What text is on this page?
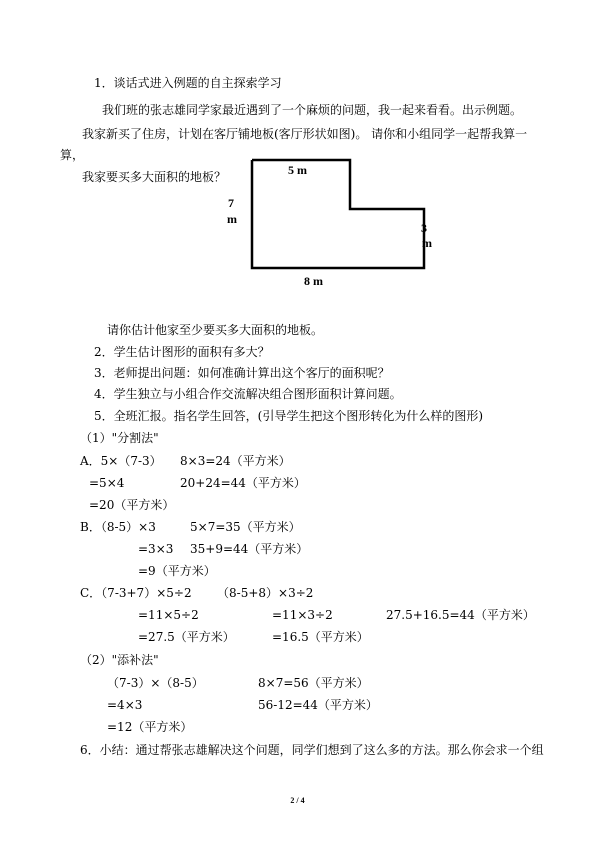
1．谈话式进入例题的自主探索学习
我们班的张志雄同学家最近遇到了一个麻烦的问题，我一起来看看。出示例题。
我家新买了住房，计划在客厅铺地板(客厅形状如图)。 请你和小组同学一起帮我算一
算，
我家要买多大面积的地板？	5 m
7
m
3
m
8 m
请你估计他家至少要买多大面积的地板。
2．学生估计图形的面积有多大？
3．老师提出问题：如何准确计算出这个客厅的面积呢？
4．学生独立与小组合作交流解决组合图形面积计算问题。
5．全班汇报。指名学生回答，(引导学生把这个图形转化为什么样的图形)
（1）"分割法"
A．5×（7-3） 8×3=24（平方米）
=5×4	20+24=44（平方米）
=20（平方米）
B．（8-5）×3	5×7=35（平方米）
=3×3 35+9=44（平方米）
=9（平方米）
C．（7-3+7）×5÷2 （8-5+8）×3÷2
=11×5÷2	=11×3÷2	27.5+16.5=44（平方米）
=27.5（平方米）	=16.5（平方米）
（2）"添补法"
（7-3）×（8-5）	8×7=56（平方米）
=4×3	56-12=44（平方米）
=12（平方米）
6．小结：通过帮张志雄解决这个问题，同学们想到了这么多的方法。那么你会求一个组
2 / 4
